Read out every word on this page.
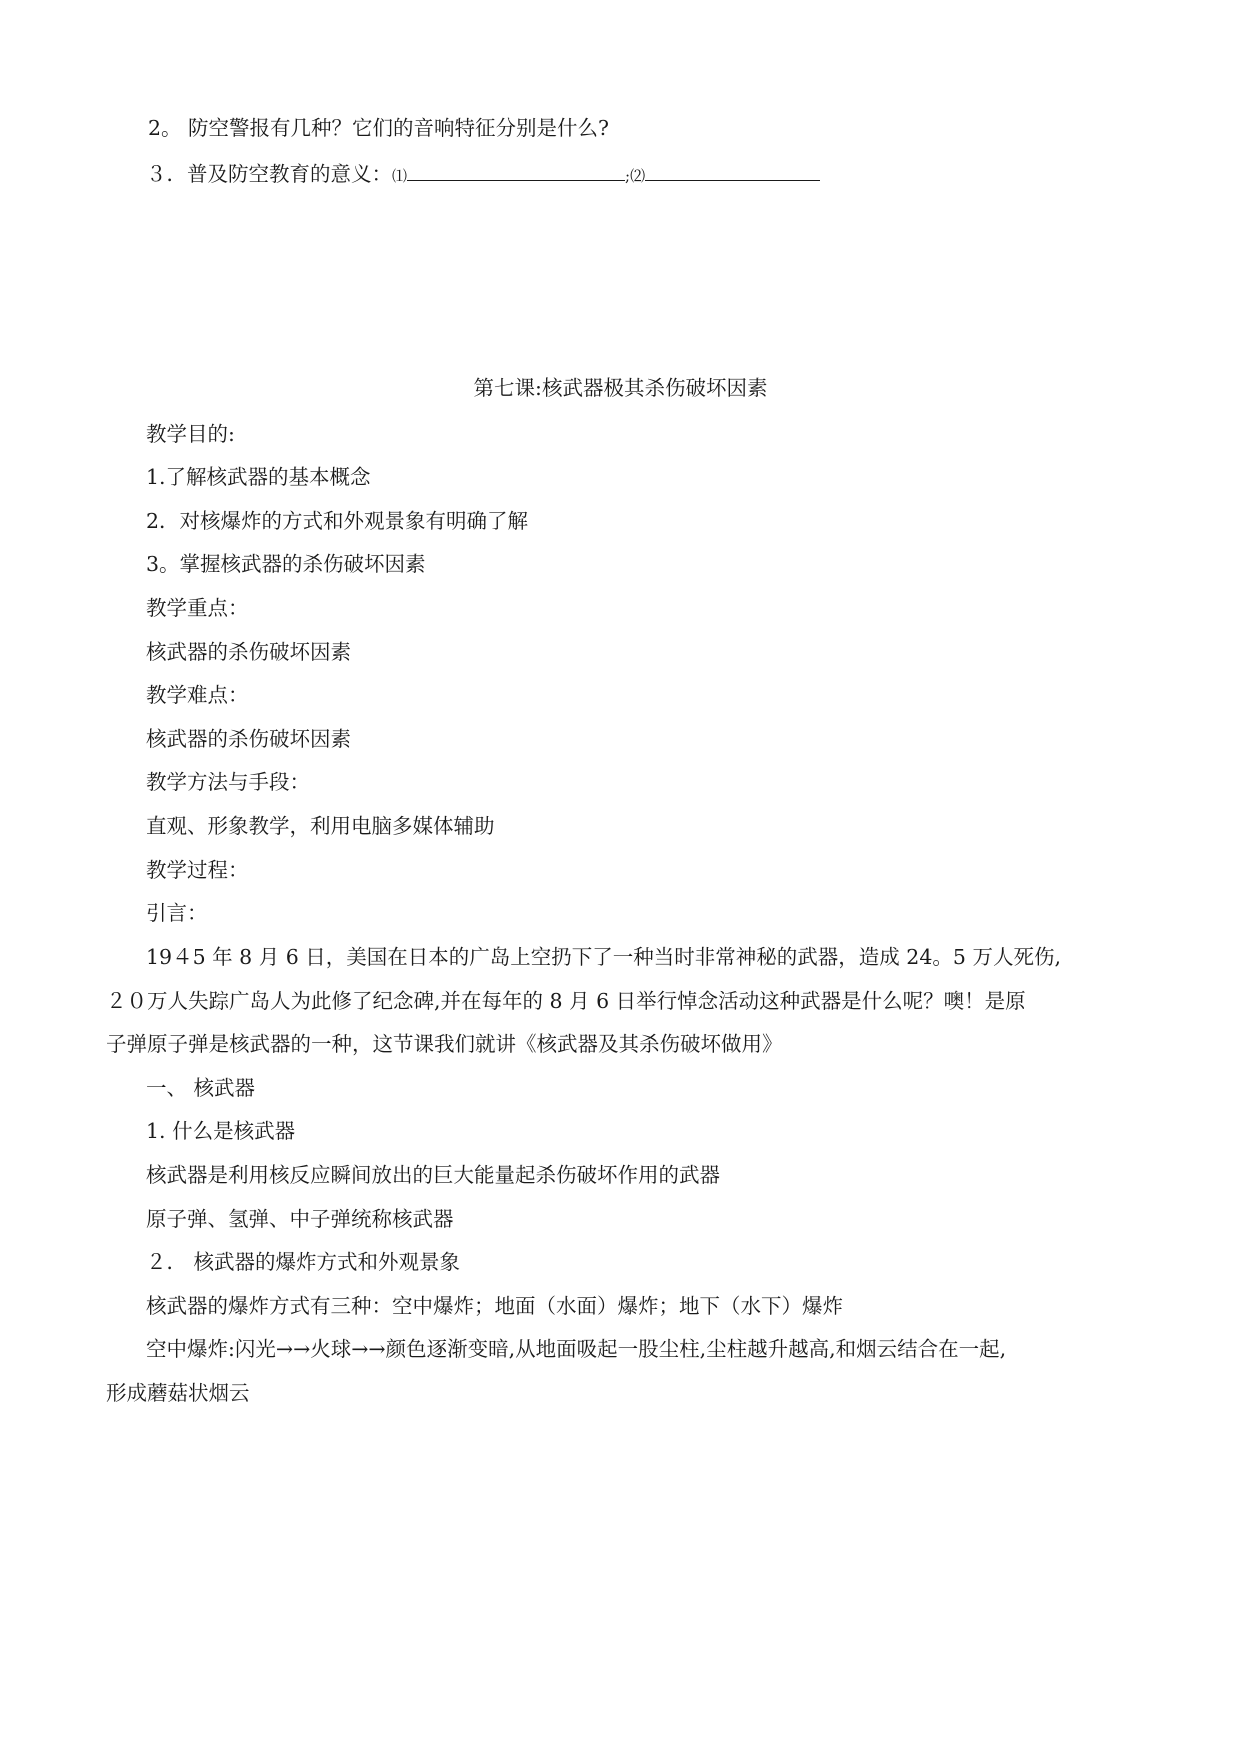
2。 防空警报有几种？它们的音响特征分别是什么?
３．普及防空教育的意义： ⑴	;⑵
第七课:核武器极其杀伤破坏因素
教学目的:
1.了解核武器的基本概念
2．对核爆炸的方式和外观景象有明确了解
3。掌握核武器的杀伤破坏因素
教学重点：
核武器的杀伤破坏因素
教学难点：
核武器的杀伤破坏因素
教学方法与手段：
直观、形象教学，利用电脑多媒体辅助
教学过程：
引言：
19４5 年 8 月 6 日，美国在日本的广岛上空扔下了一种当时非常神秘的武器，造成 24。5 万人死伤,
２０万人失踪广岛人为此修了纪念碑,并在每年的 8 月 6 日举行悼念活动这种武器是什么呢？噢！是原
子弹原子弹是核武器的一种，这节课我们就讲《核武器及其杀伤破坏做用》
一、 核武器
1. 什么是核武器
核武器是利用核反应瞬间放出的巨大能量起杀伤破坏作用的武器
原子弹、氢弹、中子弹统称核武器
２． 核武器的爆炸方式和外观景象
核武器的爆炸方式有三种：空中爆炸；地面（水面）爆炸；地下（水下）爆炸
空中爆炸:闪光→→火球→→颜色逐渐变暗,从地面吸起一股尘柱,尘柱越升越高,和烟云结合在一起,
形成蘑菇状烟云
